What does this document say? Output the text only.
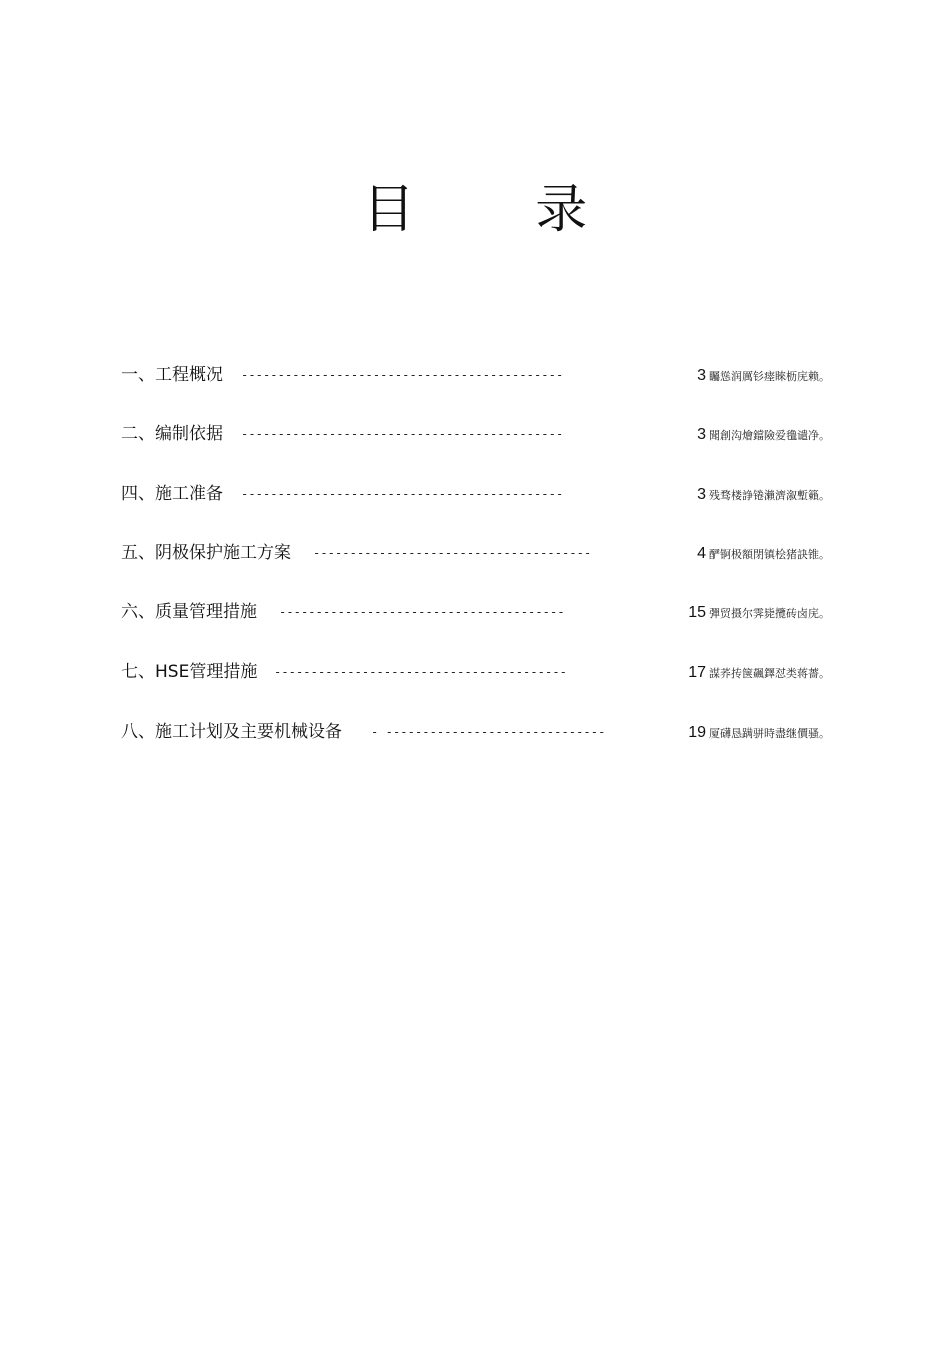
目 录
一、工程概况 --------------------------------------------	3 矚慫润厲钐瘗睞枥庑赖。
二、编制依据 --------------------------------------------	3 聞創沟燴鐺險爱氇谴净。
四、施工准备 --------------------------------------------	3 残骛楼諍锩瀨濟溆塹籟。
五、阴极保护施工方案 --------------------------------------	4 酽锕极額閉镇桧猪訣锥。
六、质量管理措施 ---------------------------------------	15 彈贸摄尔霁毙攬砖卤庑。
七、HSE管理措施 ----------------------------------------	17 謀荞抟箧飆鐸怼类蒋薔。
八、施工计划及主要机械设备 - ------------------------------	19 厦礴恳蹒骈時盡继價骚。
